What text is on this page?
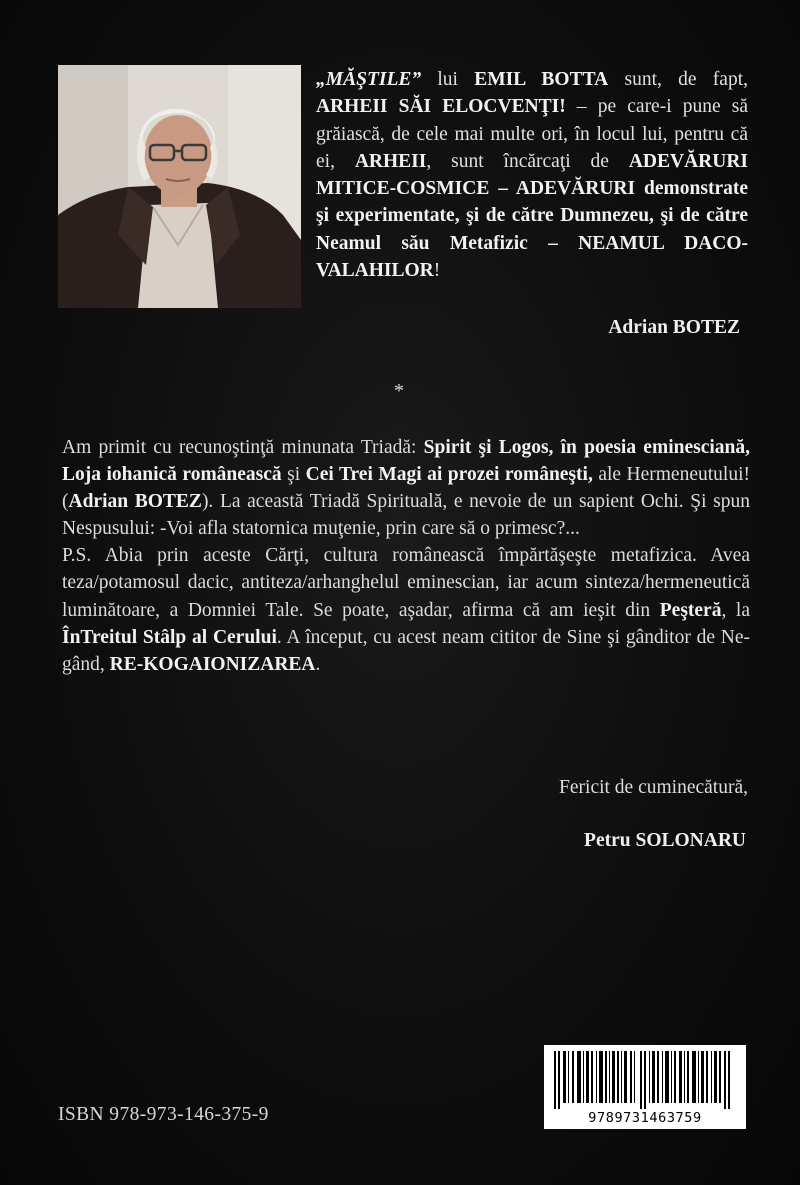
„MĂŞTILE” lui EMIL BOTTA sunt, de fapt, ARHEII SĂI ELOCVENŢI! – pe care-i pune să grăiască, de cele mai multe ori, în locul lui, pentru că ei, ARHEII, sunt încărcaţi de ADEVĂRURI MITICE-COSMICE – ADEVĂRURI demonstrate şi experimentate, şi de către Dumnezeu, şi de către Neamul său Metafizic – NEAMUL DACO-VALAHILOR!
Adrian BOTEZ
*

Am primit cu recunoştinţă minunata Triadă: Spirit şi Logos, în poesia eminesciană, Loja iohanică românească şi Cei Trei Magi ai prozei româneşti, ale Hermeneutului! (Adrian BOTEZ). La această Triadă Spirituală, e nevoie de un sapient Ochi. Şi spun Nespusului: -Voi afla statornica muţenie, prin care să o primesc?...

P.S. Abia prin aceste Cărţi, cultura românească împărtăşeşte metafizica. Avea teza/potamosul dacic, antiteza/arhanghelul eminescian, iar acum sinteza/hermeneutică luminătoare, a Domniei Tale. Se poate, aşadar, afirma că am ieşit din Peşteră, la ÎnTreitul Stâlp al Cerului. A început, cu acest neam cititor de Sine şi gânditor de Ne-gând, RE-KOGAIONIZAREA.

Fericit de cuminecătură,
Petru SOLONARU
ISBN 978-973-146-375-9	9789731463759
